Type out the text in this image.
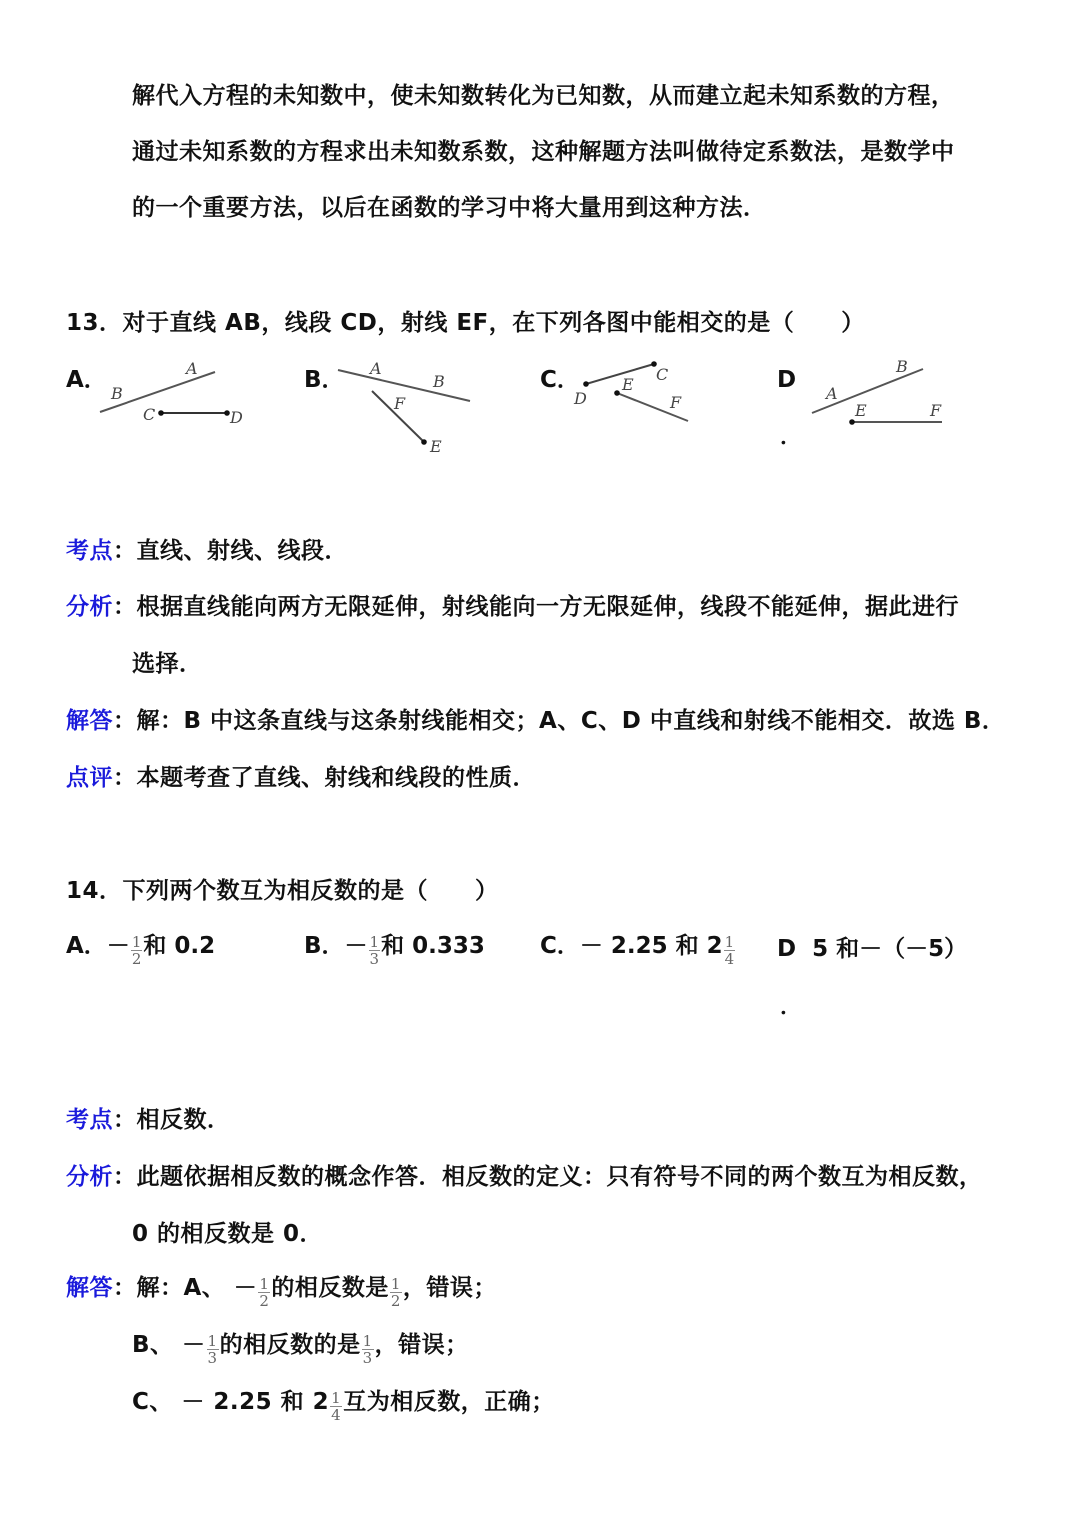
解代入方程的未知数中，使未知数转化为已知数，从而建立起未知系数的方程，
通过未知系数的方程求出未知数系数，这种解题方法叫做待定系数法，是数学中
的一个重要方法，以后在函数的学习中将大量用到这种方法．
13．对于直线 AB，线段 CD，射线 EF，在下列各图中能相交的是（　　）
A．	B．	C．	D
．
B
A
C	D
A
B
F
E
D
C
E
F	A
B
E	F
考点：直线、射线、线段．
分析：根据直线能向两方无限延伸，射线能向一方无限延伸，线段不能延伸，据此进行
选择．
解答：解：B 中这条直线与这条射线能相交；A、C、D 中直线和射线不能相交．故选 B．
点评：本题考查了直线、射线和线段的性质．
14．下列两个数互为相反数的是（　　）
A．－ $\frac{1}{2}$ 和 0.2	B．－ $\frac{1}{3}$ 和 0.333 C．－ 2.25 和 $2 \frac{1}{4}$ D 5 和－（－5）
．
考点：相反数．
分析：此题依据相反数的概念作答．相反数的定义：只有符号不同的两个数互为相反数，
0 的相反数是 0．
解答：解：A、 － $\frac{1}{2}$ 的相反数是 $\frac{1}{2}$ ，错误；
B、 － $\frac{1}{3}$ 的相反数的是 $\frac{1}{3}$ ，错误；
C、 － 2.25 和 $2 \frac{1}{4}$ 互为相反数，正确；
